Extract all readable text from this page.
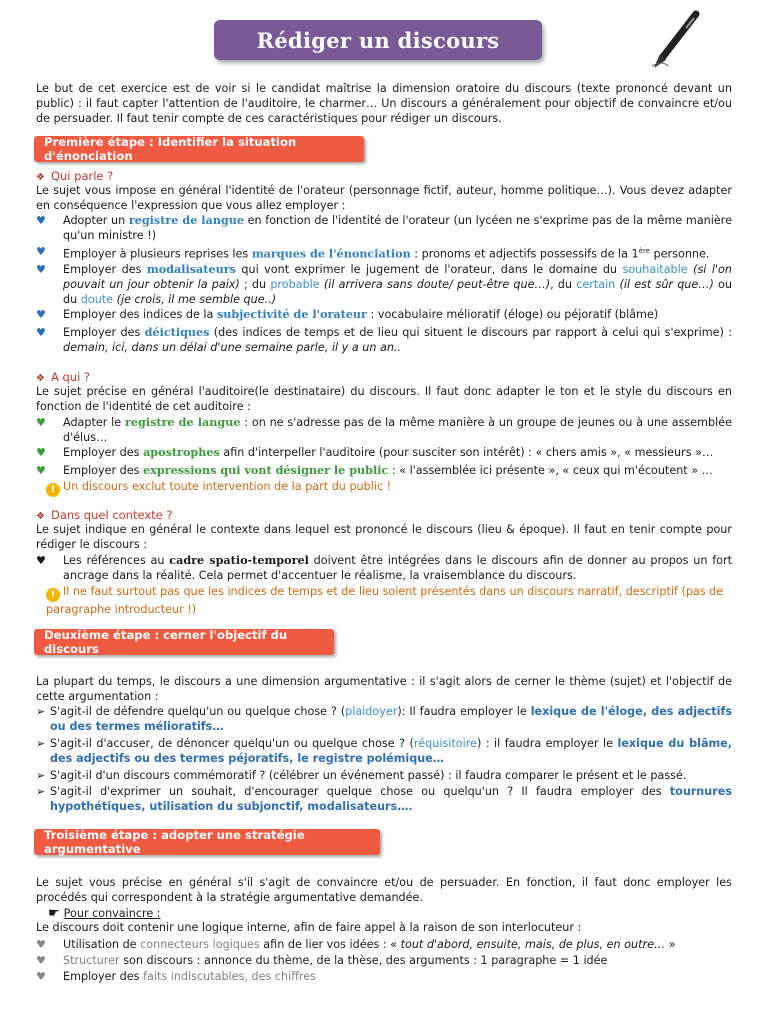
Rédiger un discours
Le but de cet exercice est de voir si le candidat maîtrise la dimension oratoire du discours (texte prononcé devant un public) : il faut capter l'attention de l'auditoire, le charmer… Un discours a généralement pour objectif de convaincre et/ou de persuader. Il faut tenir compte de ces caractéristiques pour rédiger un discours.
Première étape : Identifier la situation d'énonciation
❖ Qui parle ?
Le sujet vous impose en général l'identité de l'orateur (personnage fictif, auteur, homme politique…). Vous devez adapter en conséquence l'expression que vous allez employer :
♥ Adopter un registre de langue en fonction de l'identité de l'orateur (un lycéen ne s'exprime pas de la même manière qu'un ministre !)
♥ Employer à plusieurs reprises les marques de l'énonciation : pronoms et adjectifs possessifs de la 1ère personne.
♥ Employer des modalisateurs qui vont exprimer le jugement de l'orateur, dans le domaine du souhaitable (si l'on pouvait un jour obtenir la paix) ; du probable (il arrivera sans doute/ peut-être que…), du certain (il est sûr que…) ou du doute (je crois, il me semble que..)
♥ Employer des indices de la subjectivité de l'orateur : vocabulaire mélioratif (éloge) ou péjoratif (blâme)
♥ Employer des déictiques (des indices de temps et de lieu qui situent le discours par rapport à celui qui s'exprime) : demain, ici, dans un délai d'une semaine parle, il y a un an..
❖ A qui ?
Le sujet précise en général l'auditoire(le destinataire) du discours. Il faut donc adapter le ton et le style du discours en fonction de l'identité de cet auditoire :
♥ Adapter le registre de langue : on ne s'adresse pas de la même manière à un groupe de jeunes ou à une assemblée d'élus…
♥ Employer des apostrophes afin d'interpeller l'auditoire (pour susciter son intérêt) : « chers amis », « messieurs »…
♥ Employer des expressions qui vont désigner le public : « l'assemblée ici présente », « ceux qui m'écoutent » …
! Un discours exclut toute intervention de la part du public !
❖ Dans quel contexte ?
Le sujet indique en général le contexte dans lequel est prononcé le discours (lieu & époque). Il faut en tenir compte pour rédiger le discours :
♥ Les références au cadre spatio-temporel doivent être intégrées dans le discours afin de donner au propos un fort ancrage dans la réalité. Cela permet d'accentuer le réalisme, la vraisemblance du discours.
! Il ne faut surtout pas que les indices de temps et de lieu soient présentés dans un discours narratif, descriptif (pas de paragraphe introducteur !)
Deuxième étape : cerner l'objectif du discours
La plupart du temps, le discours a une dimension argumentative : il s'agit alors de cerner le thème (sujet) et l'objectif de cette argumentation :
➢ S'agit-il de défendre quelqu'un ou quelque chose ? (plaidoyer): Il faudra employer le lexique de l'éloge, des adjectifs ou des termes mélioratifs…
➢ S'agit-il d'accuser, de dénoncer quelqu'un ou quelque chose ? (réquisitoire) : il faudra employer le lexique du blâme, des adjectifs ou des termes péjoratifs, le registre polémique…
➢ S'agit-il d'un discours commémoratif ? (célébrer un événement passé) : il faudra comparer le présent et le passé.
➢ S'agit-il d'exprimer un souhait, d'encourager quelque chose ou quelqu'un ? Il faudra employer des tournures hypothétiques, utilisation du subjonctif, modalisateurs….
Troisième étape : adopter une stratégie argumentative
Le sujet vous précise en général s'il s'agit de convaincre et/ou de persuader. En fonction, il faut donc employer les procédés qui correspondent à la stratégie argumentative demandée.
☛ Pour convaincre :
Le discours doit contenir une logique interne, afin de faire appel à la raison de son interlocuteur :
♥ Utilisation de connecteurs logiques afin de lier vos idées : « tout d'abord, ensuite, mais, de plus, en outre… »
♥ Structurer son discours : annonce du thème, de la thèse, des arguments : 1 paragraphe = 1 idée
♥ Employer des faits indiscutables, des chiffres
